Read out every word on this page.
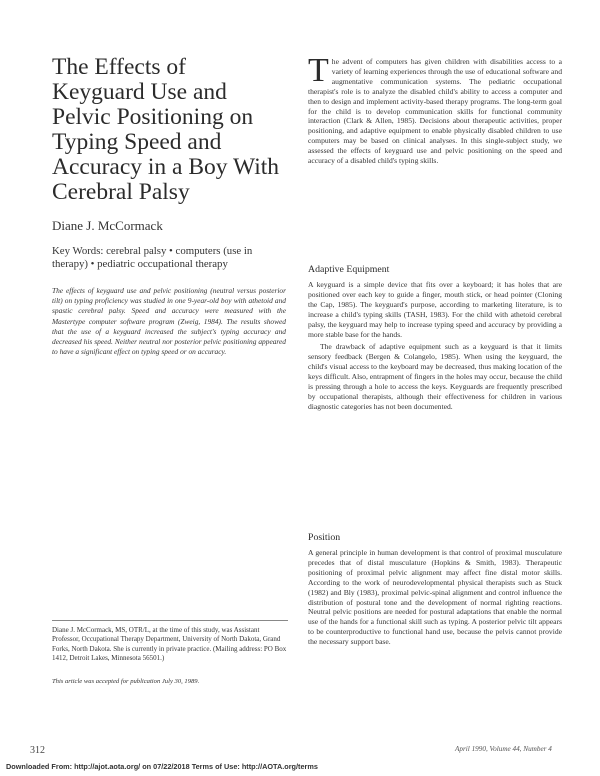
The Effects of Keyguard Use and Pelvic Positioning on Typing Speed and Accuracy in a Boy With Cerebral Palsy
Diane J. McCormack
Key Words: cerebral palsy • computers (use in therapy) • pediatric occupational therapy
The effects of keyguard use and pelvic positioning (neutral versus posterior tilt) on typing proficiency was studied in one 9-year-old boy with athetoid and spastic cerebral palsy. Speed and accuracy were measured with the Mastertype computer software program (Zweig, 1984). The results showed that the use of a keyguard increased the subject's typing accuracy and decreased his speed. Neither neutral nor posterior pelvic positioning appeared to have a significant effect on typing speed or on accuracy.
Diane J. McCormack, MS, OTR/L, at the time of this study, was Assistant Professor, Occupational Therapy Department, University of North Dakota, Grand Forks, North Dakota. She is currently in private practice. (Mailing address: PO Box 1412, Detroit Lakes, Minnesota 56501.)
This article was accepted for publication July 30, 1989.
The advent of computers has given children with disabilities access to a variety of learning experiences through the use of educational software and augmentative communication systems. The pediatric occupational therapist's role is to analyze the disabled child's ability to access a computer and then to design and implement activity-based therapy programs. The long-term goal for the child is to develop communication skills for functional community interaction (Clark & Allen, 1985). Decisions about therapeutic activities, proper positioning, and adaptive equipment to enable physically disabled children to use computers may be based on clinical analyses. In this single-subject study, we assessed the effects of keyguard use and pelvic positioning on the speed and accuracy of a disabled child's typing skills.
Adaptive Equipment

A keyguard is a simple device that fits over a keyboard; it has holes that are positioned over each key to guide a finger, mouth stick, or head pointer (Cloning the Cap, 1985). The keyguard's purpose, according to marketing literature, is to increase a child's typing skills (TASH, 1983). For the child with athetoid cerebral palsy, the keyguard may help to increase typing speed and accuracy by providing a more stable base for the hands.

The drawback of adaptive equipment such as a keyguard is that it limits sensory feedback (Bergen & Colangelo, 1985). When using the keyguard, the child's visual access to the keyboard may be decreased, thus making location of the keys difficult. Also, entrapment of fingers in the holes may occur, because the child is pressing through a hole to access the keys. Keyguards are frequently prescribed by occupational therapists, although their effectiveness for children in various diagnostic categories has not been documented.

Position

A general principle in human development is that control of proximal musculature precedes that of distal musculature (Hopkins & Smith, 1983). Therapeutic positioning of proximal pelvic alignment may affect fine distal motor skills. According to the work of neurodevelopmental physical therapists such as Stuck (1982) and Bly (1983), proximal pelvic-spinal alignment and control influence the distribution of postural tone and the development of normal righting reactions. Neutral pelvic positions are needed for postural adaptations that enable the normal use of the hands for a functional skill such as typing. A posterior pelvic tilt appears to be counterproductive to functional hand use, because the pelvis cannot provide the necessary support base.

312	April 1990, Volume 44, Number 4
Downloaded From: http://ajot.aota.org/ on 07/22/2018 Terms of Use: http://AOTA.org/terms
